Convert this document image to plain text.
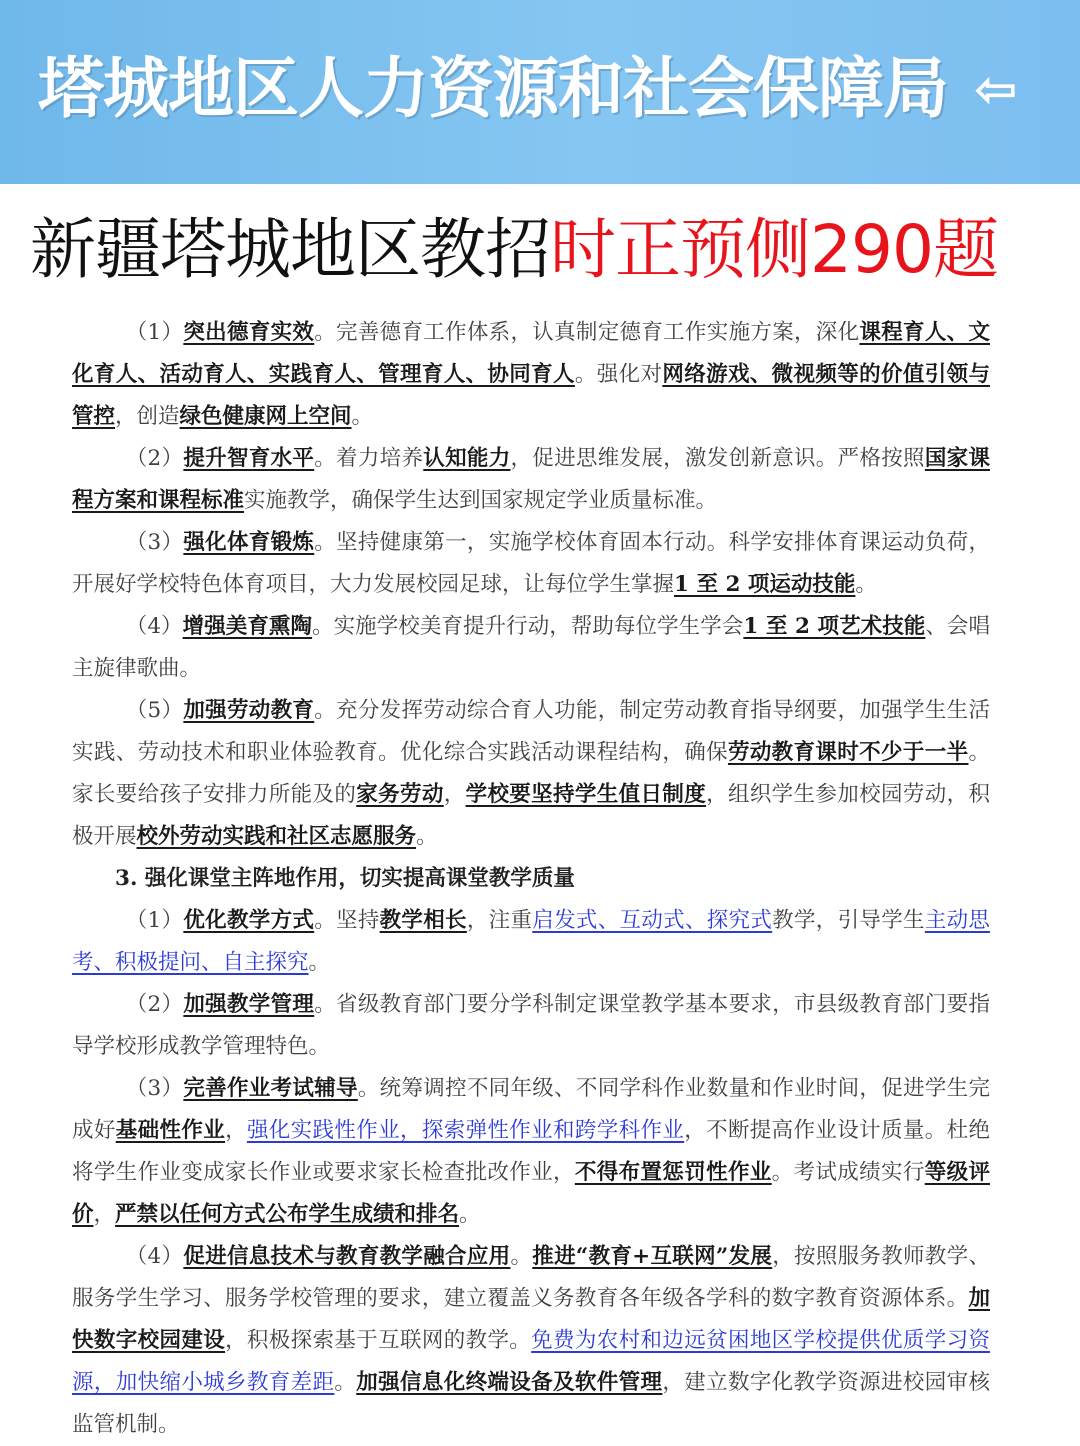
塔城地区人力资源和社会保障局 ⇦
新疆塔城地区教招时正预侧290题

（1）突出德育实效。完善德育工作体系，认真制定德育工作实施方案，深化课程育人、文化育人、活动育人、实践育人、管理育人、协同育人。强化对网络游戏、微视频等的价值引领与管控，创造绿色健康网上空间。

（2）提升智育水平。着力培养认知能力，促进思维发展，激发创新意识。严格按照国家课程方案和课程标准实施教学，确保学生达到国家规定学业质量标准。

（3）强化体育锻炼。坚持健康第一，实施学校体育固本行动。科学安排体育课运动负荷，开展好学校特色体育项目，大力发展校园足球，让每位学生掌握1 至 2 项运动技能。

（4）增强美育熏陶。实施学校美育提升行动，帮助每位学生学会1 至 2 项艺术技能、会唱主旋律歌曲。

（5）加强劳动教育。充分发挥劳动综合育人功能，制定劳动教育指导纲要，加强学生生活实践、劳动技术和职业体验教育。优化综合实践活动课程结构，确保劳动教育课时不少于一半。家长要给孩子安排力所能及的家务劳动，学校要坚持学生值日制度，组织学生参加校园劳动，积极开展校外劳动实践和社区志愿服务。

3. 强化课堂主阵地作用，切实提高课堂教学质量

（1）优化教学方式。坚持教学相长，注重启发式、互动式、探究式教学，引导学生主动思考、积极提问、自主探究。

（2）加强教学管理。省级教育部门要分学科制定课堂教学基本要求，市县级教育部门要指导学校形成教学管理特色。

（3）完善作业考试辅导。统筹调控不同年级、不同学科作业数量和作业时间，促进学生完成好基础性作业，强化实践性作业，探索弹性作业和跨学科作业，不断提高作业设计质量。杜绝将学生作业变成家长作业或要求家长检查批改作业，不得布置惩罚性作业。考试成绩实行等级评价，严禁以任何方式公布学生成绩和排名。

（4）促进信息技术与教育教学融合应用。推进“教育+互联网”发展，按照服务教师教学、服务学生学习、服务学校管理的要求，建立覆盖义务教育各年级各学科的数字教育资源体系。加快数字校园建设，积极探索基于互联网的教学。免费为农村和边远贫困地区学校提供优质学习资源，加快缩小城乡教育差距。加强信息化终端设备及软件管理，建立数字化教学资源进校园审核监管机制。
